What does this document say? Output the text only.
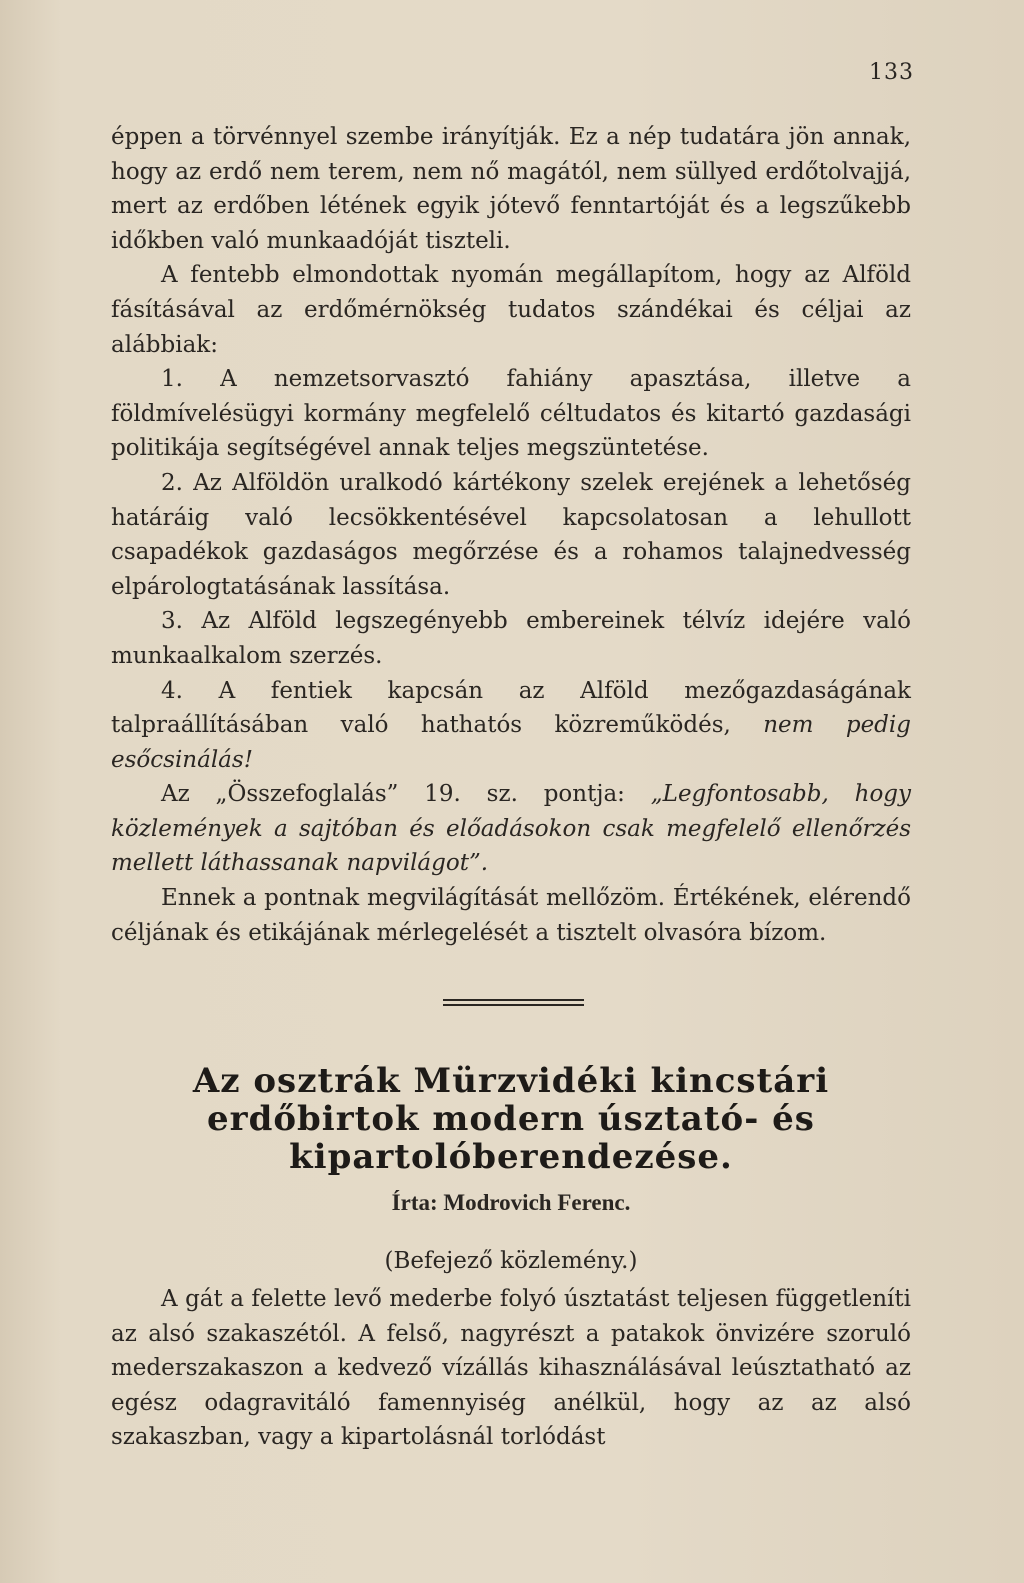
133

éppen a törvénnyel szembe irányítják. Ez a nép tudatára jön annak, hogy az erdő nem terem, nem nő magától, nem süllyed erdőtolvajjá, mert az erdőben létének egyik jótevő fenntartóját és a legszűkebb időkben való munkaadóját tiszteli.

A fentebb elmondottak nyomán megállapítom, hogy az Alföld fásításával az erdőmérnökség tudatos szándékai és céljai az alábbiak:

1. A nemzetsorvasztó fahiány apasztása, illetve a földmívelésügyi kormány megfelelő céltudatos és kitartó gazdasági politikája segítségével annak teljes megszüntetése.

2. Az Alföldön uralkodó kártékony szelek erejének a lehetőség határáig való lecsökkentésével kapcsolatosan a lehullott csapadékok gazdaságos megőrzése és a rohamos talajnedvesség elpárologtatásának lassítása.

3. Az Alföld legszegényebb embereinek télvíz idejére való munkaalkalom szerzés.

4. A fentiek kapcsán az Alföld mezőgazdaságának talpraállításában való hathatós közreműködés, nem pedig esőcsinálás!

Az „Összefoglalás” 19. sz. pontja: „Legfontosabb, hogy közlemények a sajtóban és előadásokon csak megfelelő ellenőrzés mellett láthassanak napvilágot”.

Ennek a pontnak megvilágítását mellőzöm. Értékének, elérendő céljának és etikájának mérlegelését a tisztelt olvasóra bízom.

Az osztrák Mürzvidéki kincstári erdőbirtok modern úsztató- és kipartolóberendezése.
Írta: Modrovich Ferenc.
(Befejező közlemény.)

A gát a felette levő mederbe folyó úsztatást teljesen függetleníti az alsó szakaszétól. A felső, nagyrészt a patakok önvizére szoruló mederszakaszon a kedvező vízállás kihasználásával leúsztatható az egész odagravitáló famennyiség anélkül, hogy az az alsó szakaszban, vagy a kipartolásnál torlódást
